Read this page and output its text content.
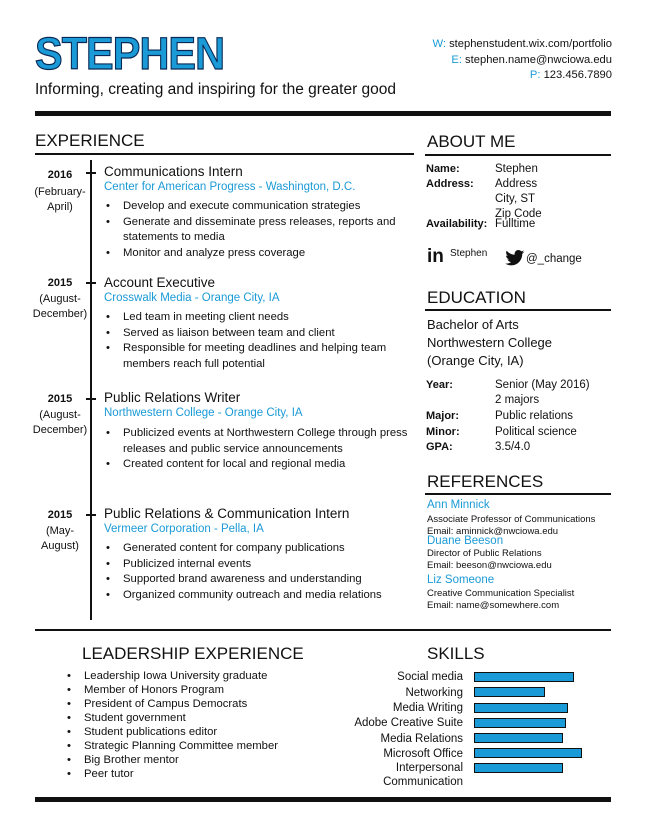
STEPHEN
Informing, creating and inspiring for the greater good
W: stephenstudent.wix.com/portfolio
E: stephen.name@nwciowa.edu
P: 123.456.7890
EXPERIENCE
2016
(February-
April)
Communications Intern
Center for American Progress - Washington, D.C.
• Develop and execute communication strategies
• Generate and disseminate press releases, reports and statements to media
• Monitor and analyze press coverage
2015
(August-
December)
Account Executive
Crosswalk Media - Orange City, IA
• Led team in meeting client needs
• Served as liaison between team and client
• Responsible for meeting deadlines and helping team members reach full potential
2015
(August-
December)
Public Relations Writer
Northwestern College - Orange City, IA
• Publicized events at Northwestern College through press releases and public service announcements
• Created content for local and regional media
2015
(May-
August)
Public Relations & Communication Intern
Vermeer Corporation - Pella, IA
• Generated content for company publications
• Publicized internal events
• Supported brand awareness and understanding
• Organized community outreach and media relations
ABOUT ME
Name:	Stephen
Address: Address
City, ST
Zip Code
Availability: Fulltime
in Stephen	@_change
EDUCATION
Bachelor of Arts
Northwestern College
(Orange City, IA)
Year:	Senior (May 2016)
2 majors
Major:	Public relations
Minor:	Political science
GPA:	3.5/4.0
REFERENCES
Ann Minnick
Associate Professor of Communications
Email: aminnick@nwciowa.edu
Duane Beeson
Director of Public Relations
Email: beeson@nwciowa.edu
Liz Someone
Creative Communication Specialist
Email: name@somewhere.com
LEADERSHIP EXPERIENCE
• Leadership Iowa University graduate
• Member of Honors Program
• President of Campus Democrats
• Student government
• Student publications editor
• Strategic Planning Committee member
• Big Brother mentor
• Peer tutor
SKILLS
Social media
Networking
Media Writing
Adobe Creative Suite
Media Relations
Microsoft Office
Interpersonal Communication
